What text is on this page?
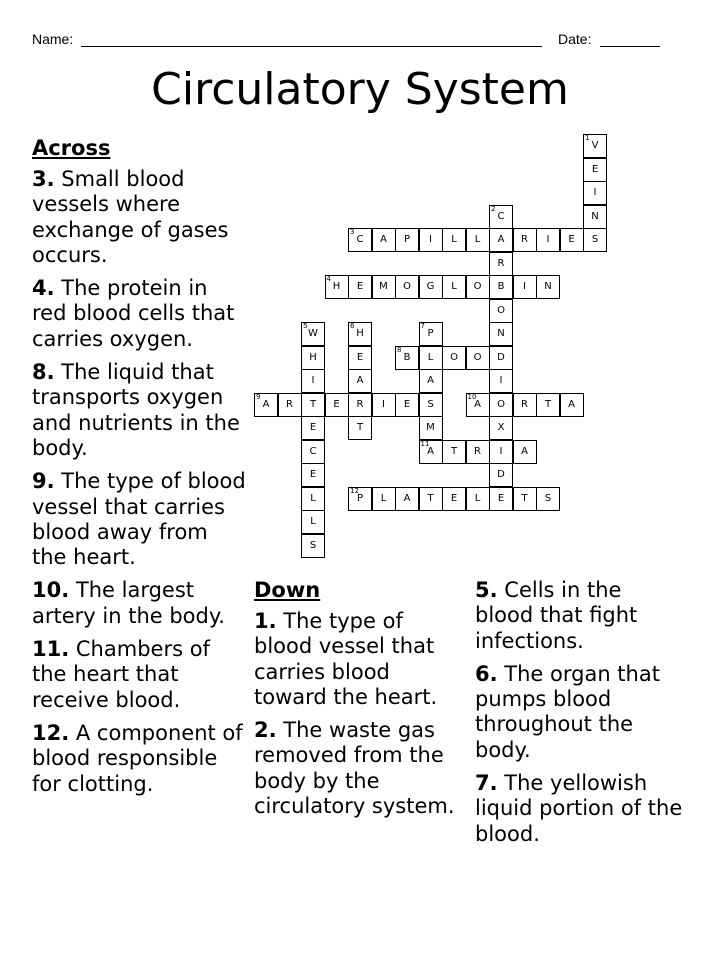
Name:	Date:
Circulatory System
V
1
E
I
N
S
C
2
A
R
B
O
N
D
I
O
X
I
D
E
C
3
A	P	I	L	L	R	I	E
H
4
E	M	O	G	L	O	I	N
W
5
H
I
T
E
C
E
L
L
S
H
6
E
A
R
T
P
7
L
A
S
M
A
11
B
8
O	O
A
9
R	E	I	E	A
10
R	T	A
T	R	A
P
12
L	A	T	E	L	T	S
Across
3. Small blood vessels where exchange of gases occurs.
4. The protein in red blood cells that carries oxygen.
8. The liquid that transports oxygen and nutrients in the body.
9. The type of blood vessel that carries blood away from the heart.
10. The largest artery in the body.
11. Chambers of the heart that receive blood.
12. A component of blood responsible for clotting.
Down
1. The type of blood vessel that carries blood toward the heart.
2. The waste gas removed from the body by the circulatory system.
5. Cells in the blood that fight infections.
6. The organ that pumps blood throughout the body.
7. The yellowish liquid portion of the blood.
